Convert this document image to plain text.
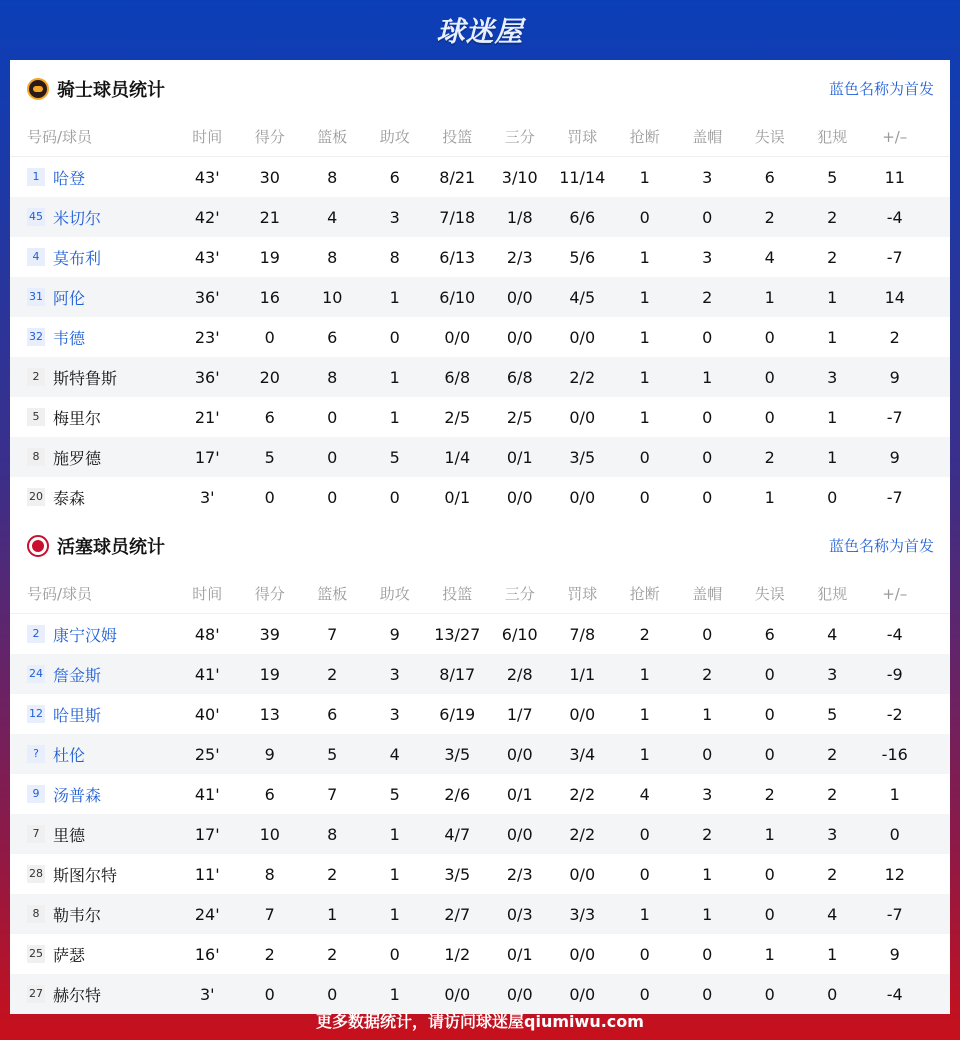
球迷屋
骑士球员统计	蓝色名称为首发
号码/球员	时间	得分	篮板	助攻	投篮	三分	罚球	抢断	盖帽	失误	犯规	+/–
1 哈登	43'	30	8	6	8/21	3/10	11/14	1	3	6	5	11
45 米切尔	42'	21	4	3	7/18	1/8	6/6	0	0	2	2	-4
4 莫布利	43'	19	8	8	6/13	2/3	5/6	1	3	4	2	-7
31 阿伦	36'	16	10	1	6/10	0/0	4/5	1	2	1	1	14
32 韦德	23'	0	6	0	0/0	0/0	0/0	1	0	0	1	2
2 斯特鲁斯	36'	20	8	1	6/8	6/8	2/2	1	1	0	3	9
5 梅里尔	21'	6	0	1	2/5	2/5	0/0	1	0	0	1	-7
8 施罗德	17'	5	0	5	1/4	0/1	3/5	0	0	2	1	9
20 泰森	3'	0	0	0	0/1	0/0	0/0	0	0	1	0	-7
活塞球员统计	蓝色名称为首发
号码/球员	时间	得分	篮板	助攻	投篮	三分	罚球	抢断	盖帽	失误	犯规	+/–
2 康宁汉姆	48'	39	7	9	13/27	6/10	7/8	2	0	6	4	-4
24 詹金斯	41'	19	2	3	8/17	2/8	1/1	1	2	0	3	-9
12 哈里斯	40'	13	6	3	6/19	1/7	0/0	1	1	0	5	-2
? 杜伦	25'	9	5	4	3/5	0/0	3/4	1	0	0	2	-16
9 汤普森	41'	6	7	5	2/6	0/1	2/2	4	3	2	2	1
7 里德	17'	10	8	1	4/7	0/0	2/2	0	2	1	3	0
28 斯图尔特	11'	8	2	1	3/5	2/3	0/0	0	1	0	2	12
8 勒韦尔	24'	7	1	1	2/7	0/3	3/3	1	1	0	4	-7
25 萨瑟	16'	2	2	0	1/2	0/1	0/0	0	0	1	1	9
27 赫尔特	3'	0	0	1	0/0	0/0	0/0	0	0	0	0	-4
更多数据统计，请访问球迷屋qiumiwu.com
